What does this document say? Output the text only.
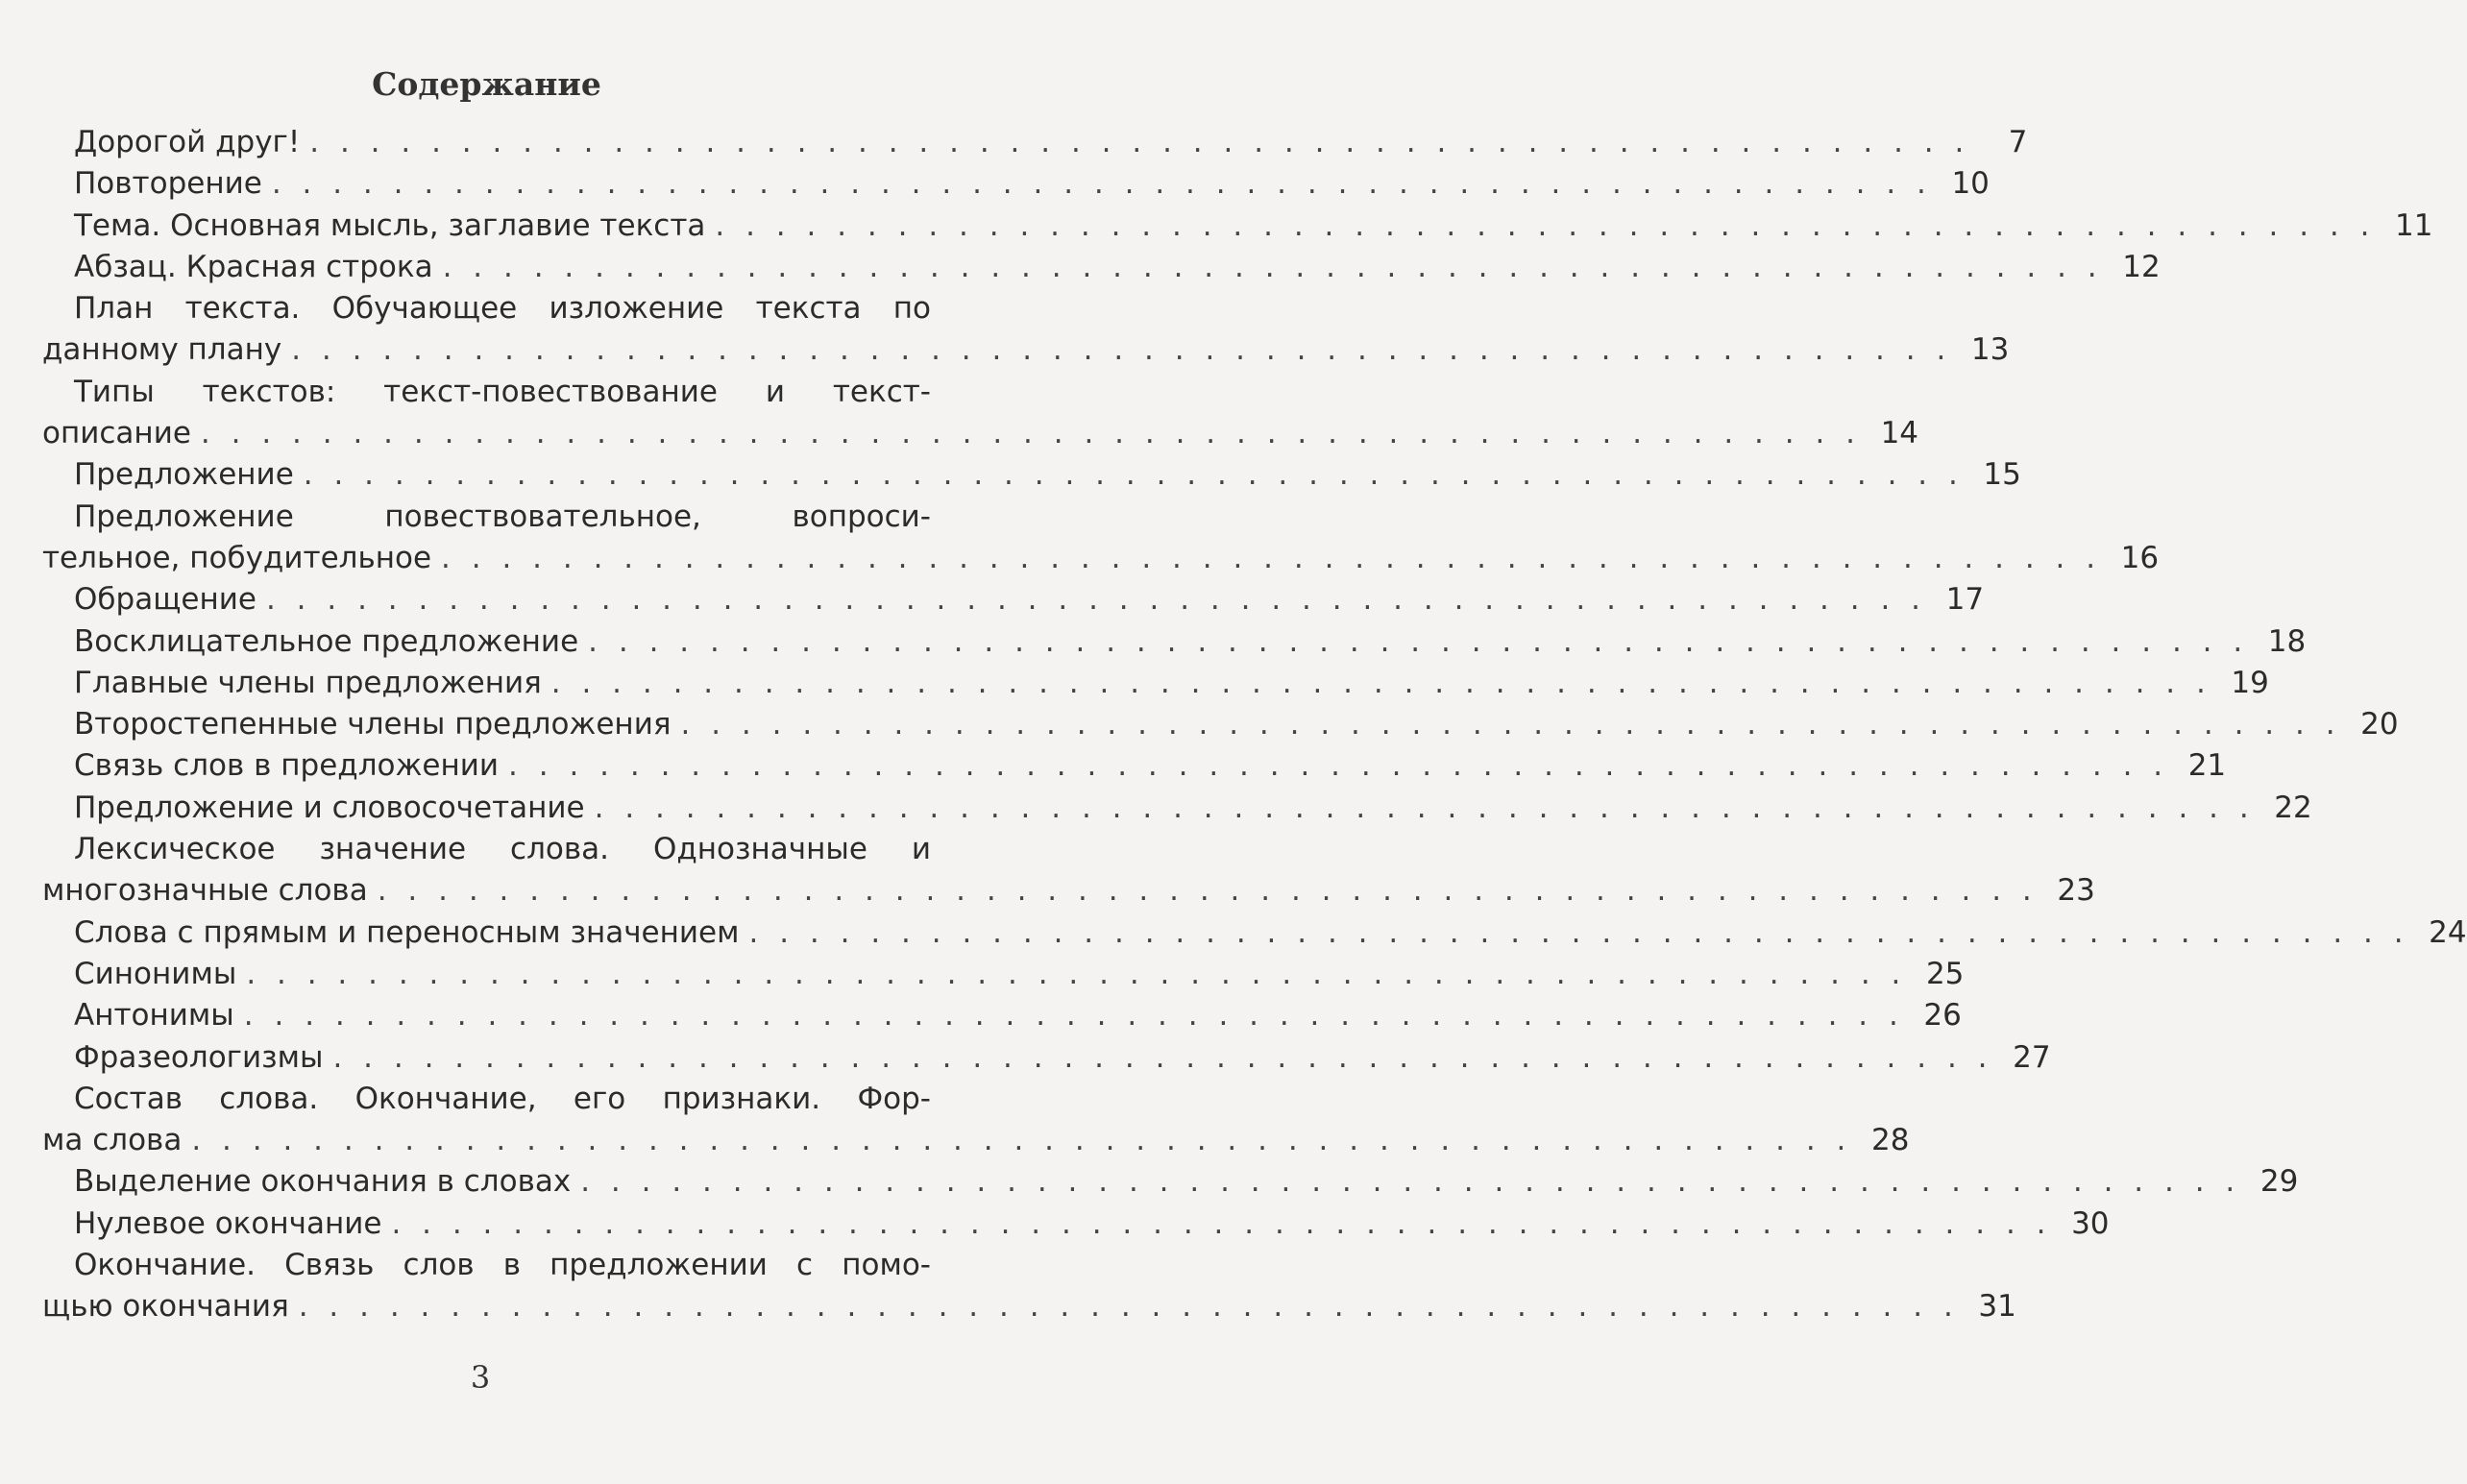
Содержание
Дорогой друг! . . . . . . . . . . . . . . . . . . . . . . . . . . . . . . . . . . . . . . . . . . . . . . . . . . . . . . .	7
Повторение . . . . . . . . . . . . . . . . . . . . . . . . . . . . . . . . . . . . . . . . . . . . . . . . . . . . . . . 10
Тема. Основная мысль, заглавие текста . . . . . . . . . . . . . . . . . . . . . . . . . . . . . . . . . . . . . . . . . . . . . . . . . . . . . . . 11
Абзац. Красная строка . . . . . . . . . . . . . . . . . . . . . . . . . . . . . . . . . . . . . . . . . . . . . . . . . . . . . . . 12
План текста. Обучающее изложение текста по
данному плану . . . . . . . . . . . . . . . . . . . . . . . . . . . . . . . . . . . . . . . . . . . . . . . . . . . . . . . 13
Типы текстов: текст-повествование и текст-
описание . . . . . . . . . . . . . . . . . . . . . . . . . . . . . . . . . . . . . . . . . . . . . . . . . . . . . . . 14
Предложение . . . . . . . . . . . . . . . . . . . . . . . . . . . . . . . . . . . . . . . . . . . . . . . . . . . . . . . 15
Предложение повествовательное, вопроси-
тельное, побудительное . . . . . . . . . . . . . . . . . . . . . . . . . . . . . . . . . . . . . . . . . . . . . . . . . . . . . . . 16
Обращение . . . . . . . . . . . . . . . . . . . . . . . . . . . . . . . . . . . . . . . . . . . . . . . . . . . . . . . 17
Восклицательное предложение . . . . . . . . . . . . . . . . . . . . . . . . . . . . . . . . . . . . . . . . . . . . . . . . . . . . . . . 18
Главные члены предложения . . . . . . . . . . . . . . . . . . . . . . . . . . . . . . . . . . . . . . . . . . . . . . . . . . . . . . . 19
Второстепенные члены предложения . . . . . . . . . . . . . . . . . . . . . . . . . . . . . . . . . . . . . . . . . . . . . . . . . . . . . . . 20
Связь слов в предложении . . . . . . . . . . . . . . . . . . . . . . . . . . . . . . . . . . . . . . . . . . . . . . . . . . . . . . . 21
Предложение и словосочетание . . . . . . . . . . . . . . . . . . . . . . . . . . . . . . . . . . . . . . . . . . . . . . . . . . . . . . . 22
Лексическое значение слова. Однозначные и
многозначные слова . . . . . . . . . . . . . . . . . . . . . . . . . . . . . . . . . . . . . . . . . . . . . . . . . . . . . . . 23
Слова с прямым и переносным значением . . . . . . . . . . . . . . . . . . . . . . . . . . . . . . . . . . . . . . . . . . . . . . . . . . . . . . . 24
Синонимы . . . . . . . . . . . . . . . . . . . . . . . . . . . . . . . . . . . . . . . . . . . . . . . . . . . . . . . 25
Антонимы . . . . . . . . . . . . . . . . . . . . . . . . . . . . . . . . . . . . . . . . . . . . . . . . . . . . . . . 26
Фразеологизмы . . . . . . . . . . . . . . . . . . . . . . . . . . . . . . . . . . . . . . . . . . . . . . . . . . . . . . . 27
Состав слова. Окончание, его признаки. Фор-
ма слова . . . . . . . . . . . . . . . . . . . . . . . . . . . . . . . . . . . . . . . . . . . . . . . . . . . . . . . 28
Выделение окончания в словах . . . . . . . . . . . . . . . . . . . . . . . . . . . . . . . . . . . . . . . . . . . . . . . . . . . . . . . 29
Нулевое окончание . . . . . . . . . . . . . . . . . . . . . . . . . . . . . . . . . . . . . . . . . . . . . . . . . . . . . . . 30
Окончание. Связь слов в предложении с помо-
щью окончания . . . . . . . . . . . . . . . . . . . . . . . . . . . . . . . . . . . . . . . . . . . . . . . . . . . . . . . 31
3
